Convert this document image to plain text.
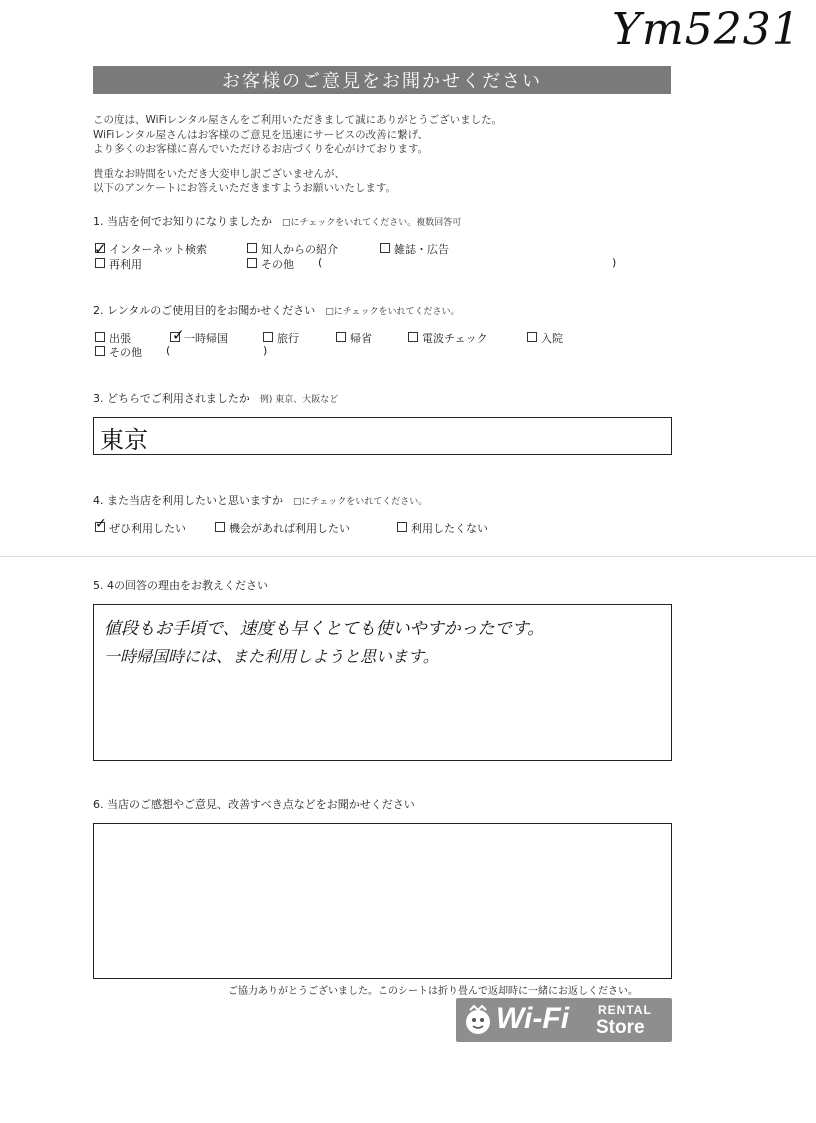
Ym5231
お客様のご意見をお聞かせください
この度は、WiFiレンタル屋さんをご利用いただきまして誠にありがとうございました。
WiFiレンタル屋さんはお客様のご意見を迅速にサービスの改善に繋げ、
より多くのお客様に喜んでいただけるお店づくりを心がけております。
貴重なお時間をいただき大変申し訳ございませんが、
以下のアンケートにお答えいただきますようお願いいたします。
1. 当店を何でお知りになりましたか □にチェックをいれてください。複数回答可
インターネット検索
✓	知人からの紹介	雑誌・広告
再利用	その他 (	)
2. レンタルのご使用目的をお聞かせください □にチェックをいれてください。
出張	一時帰国
✓	旅行	帰省	電波チェック	入院
その他 (	)
3. どちらでご利用されましたか 例) 東京、大阪など
東京
4. また当店を利用したいと思いますか □にチェックをいれてください。
ぜひ利用したい
✓	機会があれば利用したい	利用したくない
5. 4の回答の理由をお教えください
値段もお手頃で、速度も早くとても使いやすかったです。
一時帰国時には、また利用しようと思います。
6. 当店のご感想やご意見、改善すべき点などをお聞かせください
ご協力ありがとうございました。このシートは折り畳んで返却時に一緒にお返しください。
Wi-Fi RENTAL
Store
